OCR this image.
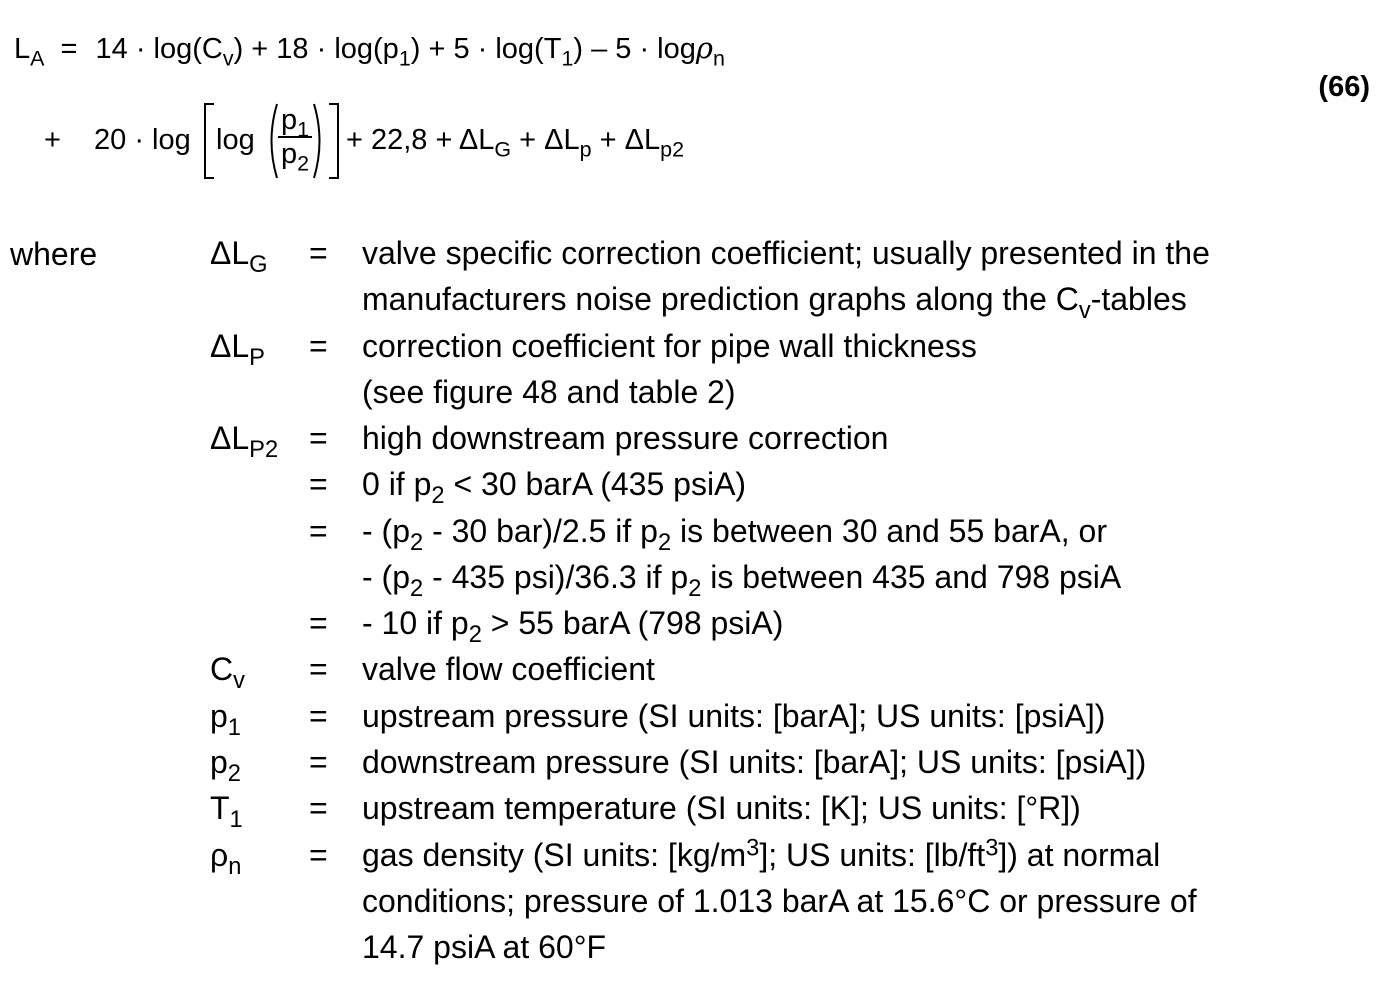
$L_A = 14 \cdot \log(C_v) + 18 \cdot \log(p_1) + 5 \cdot \log(T_1) - 5 \cdot \log\rho_n$
(66)
+ $20 \cdot \log \log \frac{p_1}{p_2} + 22,8 + \Delta L_G + \Delta L_p + \Delta L_{p2}$
where	$\Delta L_G$ = valve specific correction coefficient; usually presented in the
manufacturers noise prediction graphs along the $C_v$-tables
$\Delta L_P$ = correction coefficient for pipe wall thickness
(see figure 48 and table 2)
$\Delta L_{P2}$ = high downstream pressure correction
= 0 if $p_2 < 30$ barA (435 psiA)
= - ($p_2 - 30$ bar)/2.5 if $p_2$ is between 30 and 55 barA, or
- ($p_2 - 435$ psi)/36.3 if $p_2$ is between 435 and 798 psiA
= - 10 if $p_2 > 55$ barA (798 psiA)
$C_v$ = valve flow coefficient
$p_1$ = upstream pressure (SI units: [barA]; US units: [psiA])
$p_2$ = downstream pressure (SI units: [barA]; US units: [psiA])
$T_1$ = upstream temperature (SI units: [K]; US units: [°R])
$\rho_n$ = gas density (SI units: $[kg/m^3]$; US units: $[lb/ft^3]$) at normal
conditions; pressure of 1.013 barA at 15.6°C or pressure of
14.7 psiA at 60°F
